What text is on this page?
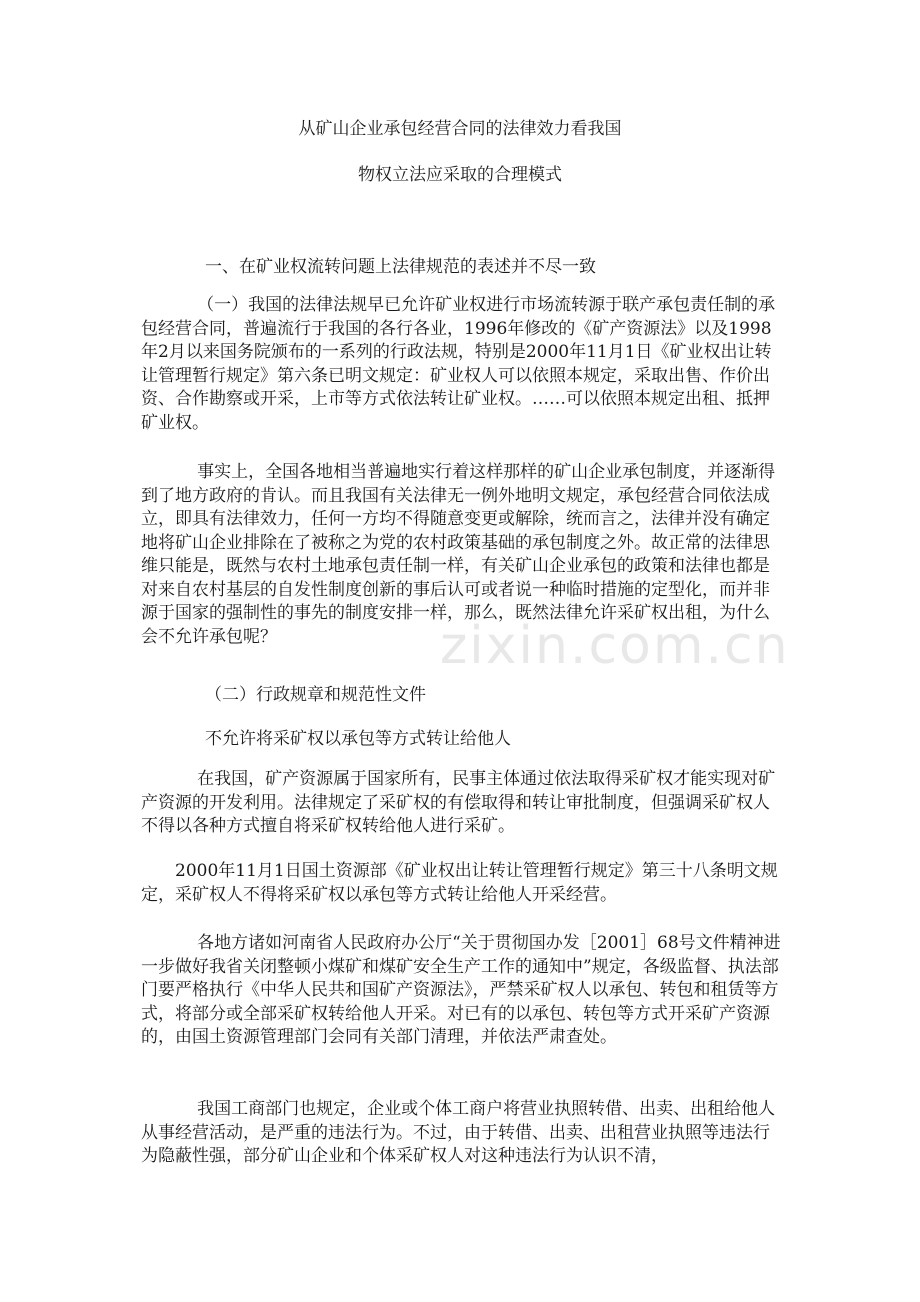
从矿山企业承包经营合同的法律效力看我国
物权立法应采取的合理模式
一、在矿业权流转问题上法律规范的表述并不尽一致
（一）我国的法律法规早已允许矿业权进行市场流转源于联产承包责任制的承包经营合同，普遍流行于我国的各行各业，1996年修改的《矿产资源法》以及1998年2月以来国务院颁布的一系列的行政法规，特别是2000年11月1日《矿业权出让转让管理暂行规定》第六条已明文规定：矿业权人可以依照本规定，采取出售、作价出资、合作勘察或开采，上市等方式依法转让矿业权。……可以依照本规定出租、抵押矿业权。
事实上，全国各地相当普遍地实行着这样那样的矿山企业承包制度，并逐渐得到了地方政府的肯认。而且我国有关法律无一例外地明文规定，承包经营合同依法成立，即具有法律效力，任何一方均不得随意变更或解除，统而言之，法律并没有确定地将矿山企业排除在了被称之为党的农村政策基础的承包制度之外。故正常的法律思维只能是，既然与农村土地承包责任制一样，有关矿山企业承包的政策和法律也都是对来自农村基层的自发性制度创新的事后认可或者说一种临时措施的定型化，而并非源于国家的强制性的事先的制度安排一样，那么，既然法律允许采矿权出租，为什么会不允许承包呢？
（二）行政规章和规范性文件
不允许将采矿权以承包等方式转让给他人
在我国，矿产资源属于国家所有，民事主体通过依法取得采矿权才能实现对矿产资源的开发利用。法律规定了采矿权的有偿取得和转让审批制度，但强调采矿权人不得以各种方式擅自将采矿权转给他人进行采矿。
2000年11月1日国土资源部《矿业权出让转让管理暂行规定》第三十八条明文规定，采矿权人不得将采矿权以承包等方式转让给他人开采经营。
各地方诸如河南省人民政府办公厅“关于贯彻国办发［2001］68号文件精神进一步做好我省关闭整顿小煤矿和煤矿安全生产工作的通知中”规定，各级监督、执法部门要严格执行《中华人民共和国矿产资源法》，严禁采矿权人以承包、转包和租赁等方式，将部分或全部采矿权转给他人开采。对已有的以承包、转包等方式开采矿产资源的，由国土资源管理部门会同有关部门清理，并依法严肃查处。
我国工商部门也规定，企业或个体工商户将营业执照转借、出卖、出租给他人从事经营活动，是严重的违法行为。不过，由于转借、出卖、出租营业执照等违法行为隐蔽性强，部分矿山企业和个体采矿权人对这种违法行为认识不清，
zixin.com.cn
